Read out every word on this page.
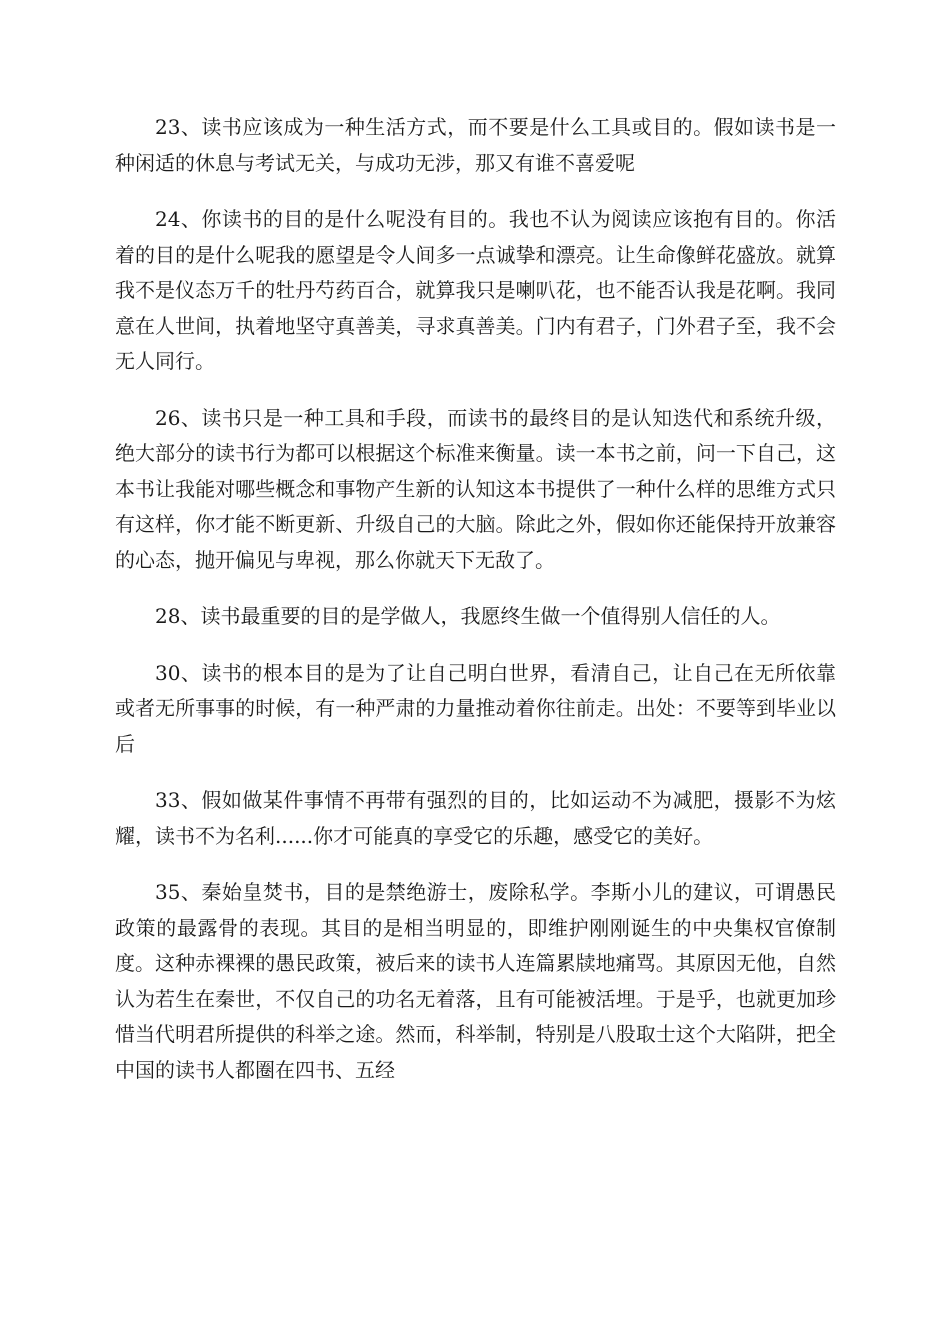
23、读书应该成为一种生活方式，而不要是什么工具或目的。假如读书是一种闲适的休息与考试无关，与成功无涉，那又有谁不喜爱呢

24、你读书的目的是什么呢没有目的。我也不认为阅读应该抱有目的。你活着的目的是什么呢我的愿望是令人间多一点诚挚和漂亮。让生命像鲜花盛放。就算我不是仪态万千的牡丹芍药百合，就算我只是喇叭花，也不能否认我是花啊。我同意在人世间，执着地坚守真善美，寻求真善美。门内有君子，门外君子至，我不会无人同行。

26、读书只是一种工具和手段，而读书的最终目的是认知迭代和系统升级，绝大部分的读书行为都可以根据这个标准来衡量。读一本书之前，问一下自己，这本书让我能对哪些概念和事物产生新的认知这本书提供了一种什么样的思维方式只有这样，你才能不断更新、升级自己的大脑。除此之外，假如你还能保持开放兼容的心态，抛开偏见与卑视，那么你就天下无敌了。

28、读书最重要的目的是学做人，我愿终生做一个值得别人信任的人。

30、读书的根本目的是为了让自己明白世界，看清自己，让自己在无所依靠或者无所事事的时候，有一种严肃的力量推动着你往前走。出处：不要等到毕业以后

33、假如做某件事情不再带有强烈的目的，比如运动不为减肥，摄影不为炫耀，读书不为名利......你才可能真的享受它的乐趣，感受它的美好。

35、秦始皇焚书，目的是禁绝游士，废除私学。李斯小儿的建议，可谓愚民政策的最露骨的表现。其目的是相当明显的，即维护刚刚诞生的中央集权官僚制度。这种赤裸裸的愚民政策，被后来的读书人连篇累牍地痛骂。其原因无他，自然认为若生在秦世，不仅自己的功名无着落，且有可能被活埋。于是乎，也就更加珍惜当代明君所提供的科举之途。然而，科举制，特别是八股取士这个大陷阱，把全中国的读书人都圈在四书、五经
